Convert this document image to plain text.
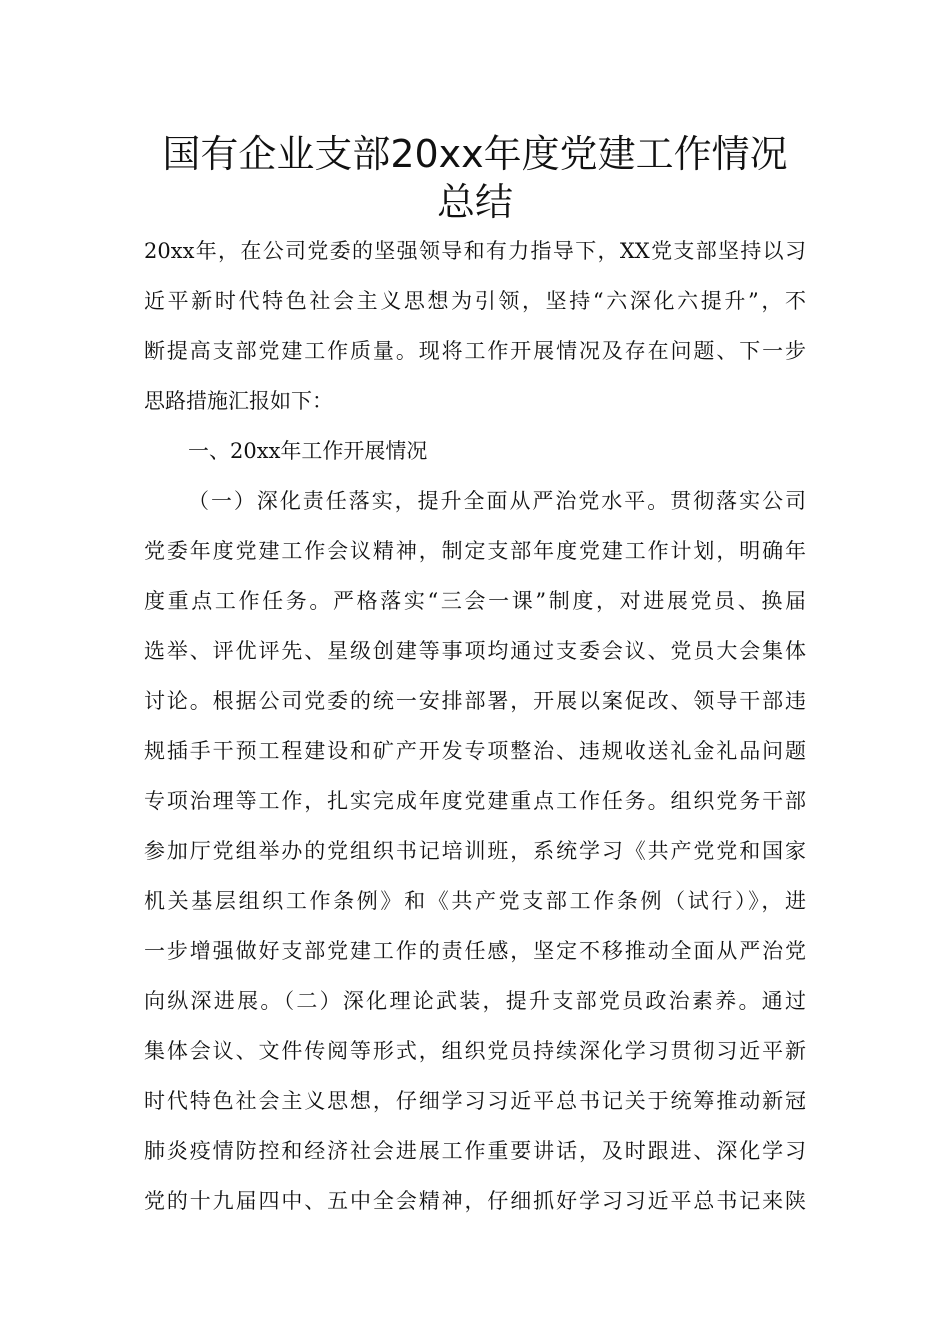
国有企业支部20xx年度党建工作情况
总结
20xx年，在公司党委的坚强领导和有力指导下，XX党支部坚持以习
近平新时代特色社会主义思想为引领，坚持“六深化六提升”，不
断提高支部党建工作质量。现将工作开展情况及存在问题、下一步
思路措施汇报如下：
一、20xx年工作开展情况
（一）深化责任落实，提升全面从严治党水平。贯彻落实公司
党委年度党建工作会议精神，制定支部年度党建工作计划，明确年
度重点工作任务。严格落实“三会一课”制度，对进展党员、换届
选举、评优评先、星级创建等事项均通过支委会议、党员大会集体
讨论。根据公司党委的统一安排部署，开展以案促改、领导干部违
规插手干预工程建设和矿产开发专项整治、违规收送礼金礼品问题
专项治理等工作，扎实完成年度党建重点工作任务。组织党务干部
参加厅党组举办的党组织书记培训班，系统学习《共产党党和国家
机关基层组织工作条例》和《共产党支部工作条例（试行）》，进
一步增强做好支部党建工作的责任感，坚定不移推动全面从严治党
向纵深进展。（二）深化理论武装，提升支部党员政治素养。通过
集体会议、文件传阅等形式，组织党员持续深化学习贯彻习近平新
时代特色社会主义思想，仔细学习习近平总书记关于统筹推动新冠
肺炎疫情防控和经济社会进展工作重要讲话，及时跟进、深化学习
党的十九届四中、五中全会精神，仔细抓好学习习近平总书记来陕
